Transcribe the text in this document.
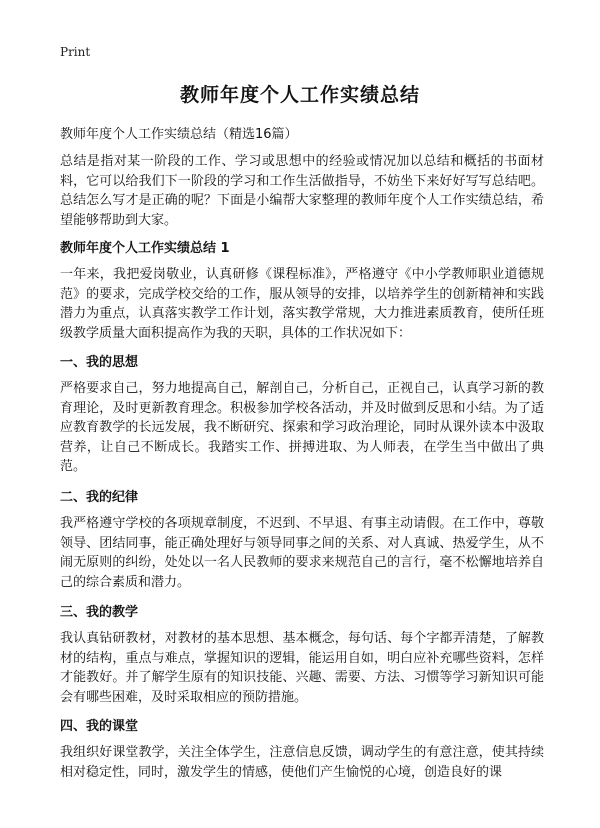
Print
教师年度个人工作实绩总结
教师年度个人工作实绩总结（精选16篇）

总结是指对某一阶段的工作、学习或思想中的经验或情况加以总结和概括的书面材料，它可以给我们下一阶段的学习和工作生活做指导，不妨坐下来好好写写总结吧。总结怎么写才是正确的呢？下面是小编帮大家整理的教师年度个人工作实绩总结，希望能够帮助到大家。

教师年度个人工作实绩总结 1

一年来，我把爱岗敬业，认真研修《课程标准》，严格遵守《中小学教师职业道德规范》的要求，完成学校交给的工作，服从领导的安排，以培养学生的创新精神和实践潜力为重点，认真落实教学工作计划，落实教学常规，大力推进素质教育，使所任班级教学质量大面积提高作为我的天职，具体的工作状况如下：

一、我的思想

严格要求自己，努力地提高自己，解剖自己，分析自己，正视自己，认真学习新的教育理论，及时更新教育理念。积极参加学校各活动，并及时做到反思和小结。为了适应教育教学的长远发展，我不断研究、探索和学习政治理论，同时从课外读本中汲取营养，让自己不断成长。我踏实工作、拼搏进取、为人师表，在学生当中做出了典范。

二、我的纪律

我严格遵守学校的各项规章制度，不迟到、不早退、有事主动请假。在工作中，尊敬领导、团结同事，能正确处理好与领导同事之间的关系、对人真诚、热爱学生，从不闹无原则的纠纷，处处以一名人民教师的要求来规范自己的言行，毫不松懈地培养自己的综合素质和潜力。

三、我的教学

我认真钻研教材，对教材的基本思想、基本概念，每句话、每个字都弄清楚，了解教材的结构，重点与难点，掌握知识的逻辑，能运用自如，明白应补充哪些资料，怎样才能教好。并了解学生原有的知识技能、兴趣、需要、方法、习惯等学习新知识可能会有哪些困难，及时采取相应的预防措施。

四、我的课堂

我组织好课堂教学，关注全体学生，注意信息反馈，调动学生的有意注意，使其持续相对稳定性，同时，激发学生的情感，使他们产生愉悦的心境，创造良好的课
